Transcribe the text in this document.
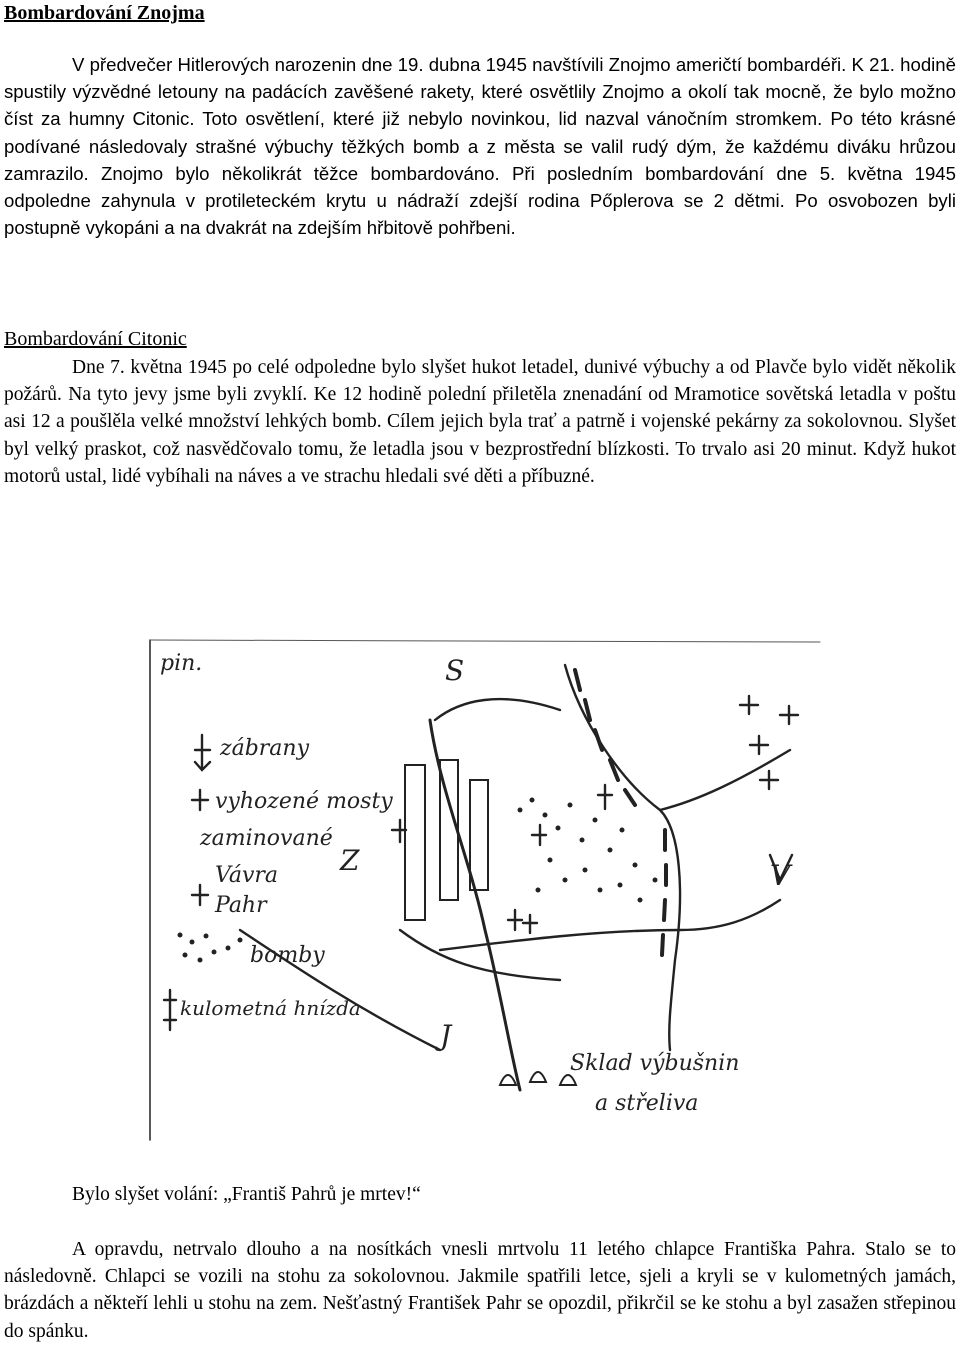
Bombardování Znojma

V předvečer Hitlerových narozenin dne 19. dubna 1945 navštívili Znojmo američtí bombardéři. K 21. hodině spustily výzvědné letouny na padácích zavěšené rakety, které osvětlily Znojmo a okolí tak mocně, že bylo možno číst za humny Citonic. Toto osvětlení, které již nebylo novinkou, lid nazval vánočním stromkem. Po této krásné podívané následovaly strašné výbuchy těžkých bomb a z města se valil rudý dým, že každému diváku hrůzou zamrazilo. Znojmo bylo několikrát těžce bombardováno. Při posledním bombardování dne 5. května 1945 odpoledne zahynula v protileteckém krytu u nádraží zdejší rodina Pőplerova se 2 dětmi. Po osvobozen byli postupně vykopáni a na dvakrát na zdejším hřbitově pohřbeni.

Bombardování Citonic

Dne 7. května 1945 po celé odpoledne bylo slyšet hukot letadel, dunivé výbuchy a od Plavče bylo vidět několik požárů. Na tyto jevy jsme byli zvyklí. Ke 12 hodině polední přiletěla znenadání od Mramotice sovětská letadla v poštu asi 12 a poušlěla velké množství lehkých bomb. Cílem jejich byla trať a patrně i vojenské pekárny za sokolovnou. Slyšet byl velký praskot, což nasvědčovalo tomu, že letadla jsou v bezprostřední blízkosti. To trvalo asi 20 minut. Když hukot motorů ustal, lidé vybíhali na náves a ve strachu hledali své děti a příbuzné.

pin.
zábrany
vyhozené mosty
zaminované
Vávra
Pahr
bomby
kulometná hnízda
Sklad výbušnin
a střeliva
S
J
Z	V

Bylo slyšet volání: „Františ Pahrů je mrtev!“

A opravdu, netrvalo dlouho a na nosítkách vnesli mrtvolu 11 letého chlapce Františka Pahra. Stalo se to následovně. Chlapci se vozili na stohu za sokolovnou. Jakmile spatřili letce, sjeli a kryli se v kulometných jamách, brázdách a někteří lehli u stohu na zem. Nešťastný František Pahr se opozdil, přikrčil se ke stohu a byl zasažen střepinou do spánku.
